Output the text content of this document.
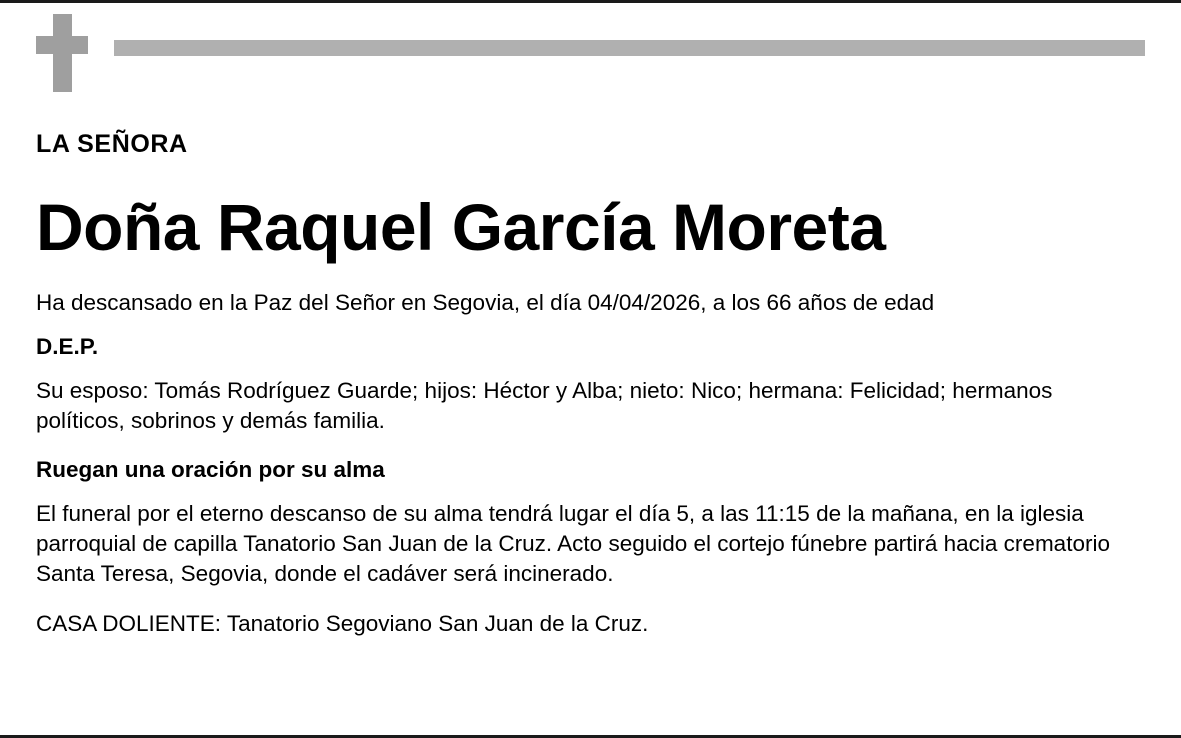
LA SEÑORA
Doña Raquel García Moreta
Ha descansado en la Paz del Señor en Segovia, el día 04/04/2026, a los 66 años de edad
D.E.P.
Su esposo: Tomás Rodríguez Guarde; hijos: Héctor y Alba; nieto: Nico; hermana: Felicidad; hermanos políticos, sobrinos y demás familia.
Ruegan una oración por su alma
El funeral por el eterno descanso de su alma tendrá lugar el día 5, a las 11:15 de la mañana, en la iglesia parroquial de capilla Tanatorio San Juan de la Cruz. Acto seguido el cortejo fúnebre partirá hacia crematorio Santa Teresa, Segovia, donde el cadáver será incinerado.
CASA DOLIENTE: Tanatorio Segoviano San Juan de la Cruz.
